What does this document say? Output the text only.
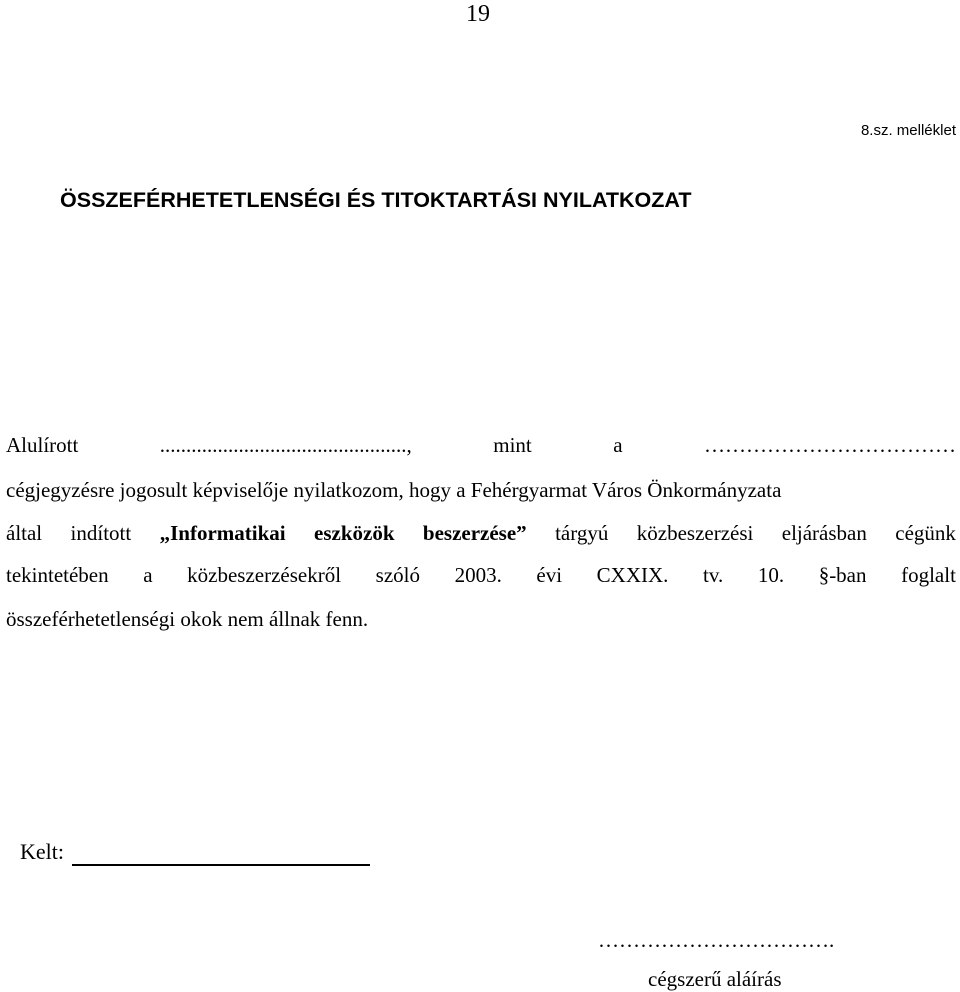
19
8.sz. melléklet
ÖSSZEFÉRHETETLENSÉGI ÉS TITOKTARTÁSI NYILATKOZAT
Alulírott	...............................................,	mint	a	………………………………
cégjegyzésre jogosult képviselője nyilatkozom, hogy a Fehérgyarmat Város Önkormányzata
által indított „Informatikai eszközök beszerzése” tárgyú közbeszerzési eljárásban cégünk
tekintetében a közbeszerzésekről szóló 2003. évi CXXIX. tv. 10. §-ban foglalt
összeférhetetlenségi okok nem állnak fenn.
Kelt:
…………………………….
cégszerű aláírás
